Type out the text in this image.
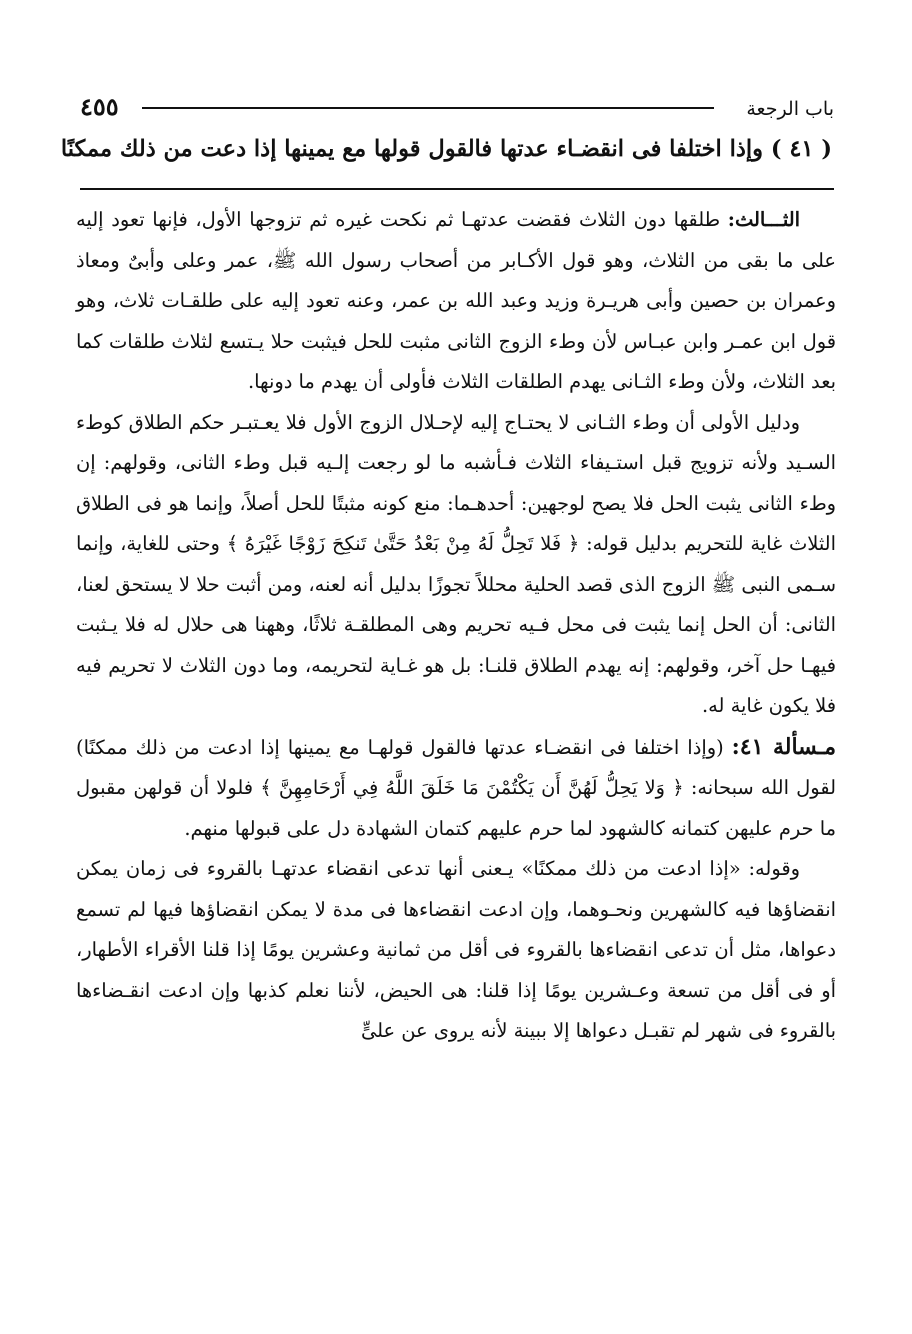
باب الرجعة
٤٥٥
( ٤١ ) وإذا اختلفا فى انقضـاء عدتها فالقول قولها مع يمينها إذا دعت من ذلك ممكنًا

الثـــالث: طلقها دون الثلاث فقضت عدتهـا ثم نكحت غيره ثم تزوجها الأول، فإنها تعود إليه على ما بقى من الثلاث، وهو قول الأكـابر من أصحاب رسول الله ﷺ، عمر وعلى وأبىٌ ومعاذ وعمران بن حصين وأبى هريـرة وزيد وعبد الله بن عمر، وعنه تعود إليه على طلقـات ثلاث، وهو قول ابن عمـر وابن عبـاس لأن وطء الزوج الثانى مثبت للحل فيثبت حلا يـتسع لثلاث طلقات كما بعد الثلاث، ولأن وطء الثـانى يهدم الطلقات الثلاث فأولى أن يهدم ما دونها.

ودليل الأولى أن وطء الثـانى لا يحتـاج إليه لإحـلال الزوج الأول فلا يعـتبـر حكم الطلاق كوطء السـيد ولأنه تزويج قبل استـيفاء الثلاث فـأشبه ما لو رجعت إلـيه قبل وطء الثانى، وقولهم: إن وطء الثانى يثبت الحل فلا يصح لوجهين: أحدهـما: منع كونه مثبتًا للحل أصلاً، وإنما هو فى الطلاق الثلاث غاية للتحريم بدليل قوله: ﴿ فَلا تَحِلُّ لَهُ مِنْ بَعْدُ حَتَّىٰ تَنكِحَ زَوْجًا غَيْرَهُ ﴾ وحتى للغاية، وإنما سـمى النبى ﷺ الزوج الذى قصد الحلية محللاً تجوزًا بدليل أنه لعنه، ومن أثبت حلا لا يستحق لعنا، الثانى: أن الحل إنما يثبت فى محل فـيه تحريم وهى المطلقـة ثلاثًا، وههنا هى حلال له فلا يـثبت فيهـا حل آخر، وقولهم: إنه يهدم الطلاق قلنـا: بل هو غـاية لتحريمه، وما دون الثلاث لا تحريم فيه فلا يكون غاية له.

مـسألة ٤١: (وإذا اختلفا فى انقضـاء عدتها فالقول قولهـا مع يمينها إذا ادعت من ذلك ممكنًا) لقول الله سبحانه: ﴿ وَلا يَحِلُّ لَهُنَّ أَن يَكْتُمْنَ مَا خَلَقَ اللَّهُ فِي أَرْحَامِهِنَّ ﴾ فلولا أن قولهن مقبول ما حرم عليهن كتمانه كالشهود لما حرم عليهم كتمان الشهادة دل على قبولها منهم.

وقوله: «إذا ادعت من ذلك ممكنًا» يـعنى أنها تدعى انقضاء عدتهـا بالقروء فى زمان يمكن انقضاؤها فيه كالشهرين ونحـوهما، وإن ادعت انقضاءها فى مدة لا يمكن انقضاؤها فيها لم تسمع دعواها، مثل أن تدعى انقضاءها بالقروء فى أقل من ثمانية وعشرين يومًا إذا قلنا الأقراء الأطهار، أو فى أقل من تسعة وعـشرين يومًا إذا قلنا: هى الحيض، لأننا نعلم كذبها وإن ادعت انقـضاءها بالقروء فى شهر لم تقبـل دعواها إلا ببينة لأنه يروى عن علىٍّ
